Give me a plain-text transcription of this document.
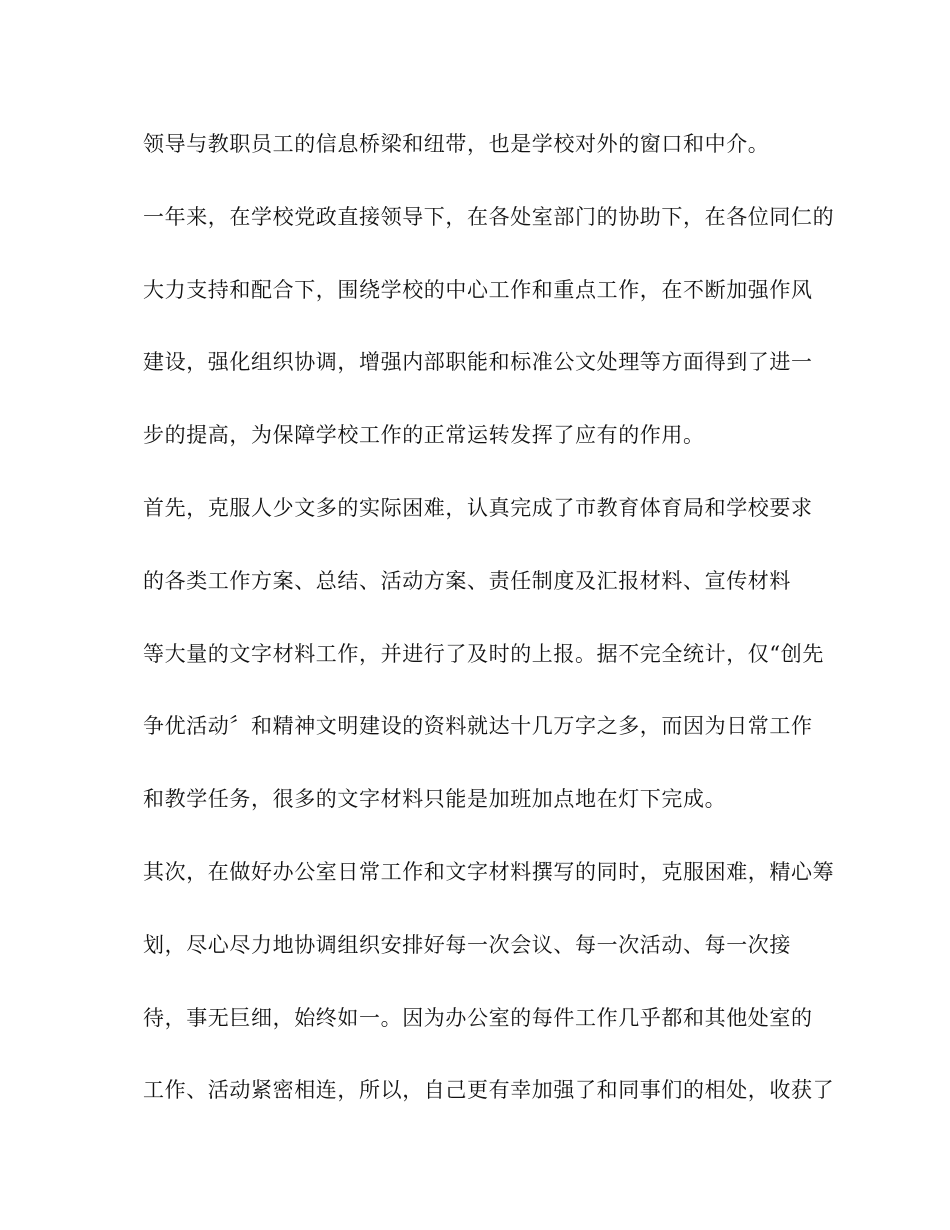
领导与教职员工的信息桥梁和纽带，也是学校对外的窗口和中介。
一年来，在学校党政直接领导下，在各处室部门的协助下，在各位同仁的
大力支持和配合下，围绕学校的中心工作和重点工作，在不断加强作风
建设，强化组织协调，增强内部职能和标准公文处理等方面得到了进一
步的提高，为保障学校工作的正常运转发挥了应有的作用。
首先，克服人少文多的实际困难，认真完成了市教育体育局和学校要求
的各类工作方案、总结、活动方案、责任制度及汇报材料、宣传材料
等大量的文字材料工作，并进行了及时的上报。据不完全统计，仅“创先
争优活动〞和精神文明建设的资料就达十几万字之多，而因为日常工作
和教学任务，很多的文字材料只能是加班加点地在灯下完成。
其次，在做好办公室日常工作和文字材料撰写的同时，克服困难，精心筹
划，尽心尽力地协调组织安排好每一次会议、每一次活动、每一次接
待，事无巨细，始终如一。因为办公室的每件工作几乎都和其他处室的
工作、活动紧密相连，所以，自己更有幸加强了和同事们的相处，收获了
